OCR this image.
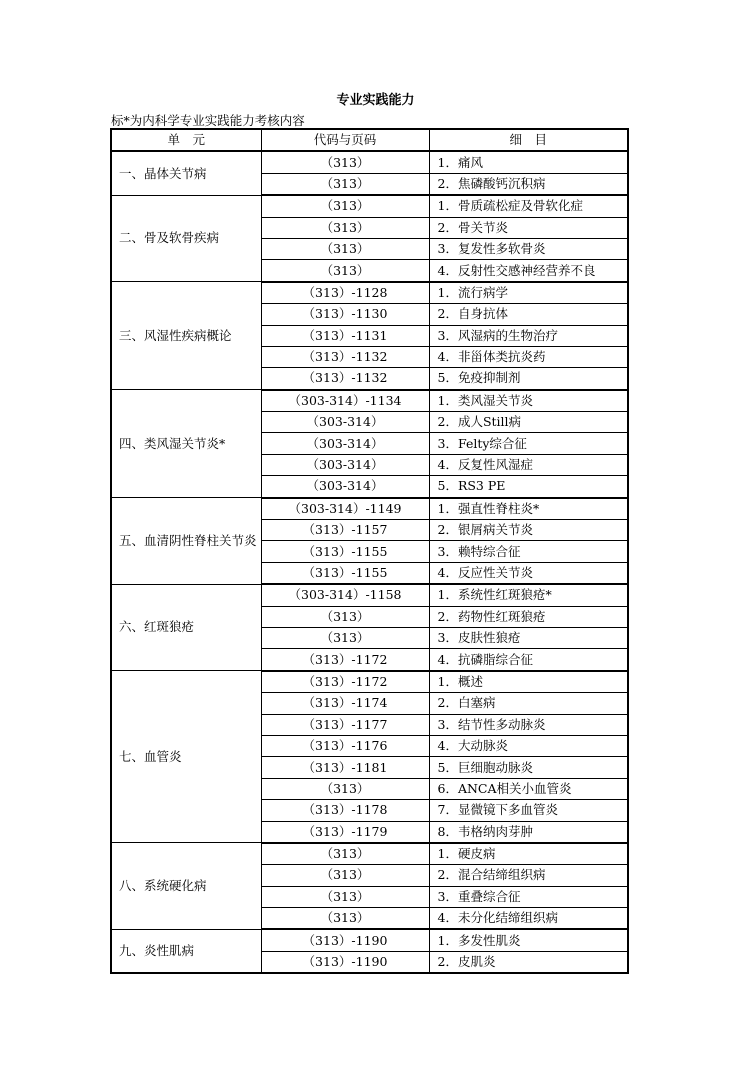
专业实践能力
标*为内科学专业实践能力考核内容
单　元	代码与页码	细　目
一、晶体关节病	（313）	1．痛风
	（313）	2．焦磷酸钙沉积病
二、骨及软骨疾病	（313）	1．骨质疏松症及骨软化症
	（313）	2．骨关节炎
	（313）	3．复发性多软骨炎
	（313）	4．反射性交感神经营养不良
三、风湿性疾病概论	（313）-1128	1．流行病学
	（313）-1130	2．自身抗体
	（313）-1131	3．风湿病的生物治疗
	（313）-1132	4．非甾体类抗炎药
	（313）-1132	5．免疫抑制剂
四、类风湿关节炎*	（303-314）-1134	1．类风湿关节炎
	（303-314）	2．成人Still病
	（303-314）	3．Felty综合征
	（303-314）	4．反复性风湿症
	（303-314）	5．RS3 PE
五、血清阴性脊柱关节炎	（303-314）-1149	1．强直性脊柱炎*
	（313）-1157	2．银屑病关节炎
	（313）-1155	3．赖特综合征
	（313）-1155	4．反应性关节炎
六、红斑狼疮	（303-314）-1158	1．系统性红斑狼疮*
	（313）	2．药物性红斑狼疮
	（313）	3．皮肤性狼疮
	（313）-1172	4．抗磷脂综合征
七、血管炎	（313）-1172	1．概述
	（313）-1174	2．白塞病
	（313）-1177	3．结节性多动脉炎
	（313）-1176	4．大动脉炎
	（313）-1181	5．巨细胞动脉炎
	（313）	6．ANCA相关小血管炎
	（313）-1178	7．显微镜下多血管炎
	（313）-1179	8．韦格纳肉芽肿
八、系统硬化病	（313）	1．硬皮病
	（313）	2．混合结缔组织病
	（313）	3．重叠综合征
	（313）	4．未分化结缔组织病
九、炎性肌病	（313）-1190	1．多发性肌炎
	（313）-1190	2．皮肌炎
